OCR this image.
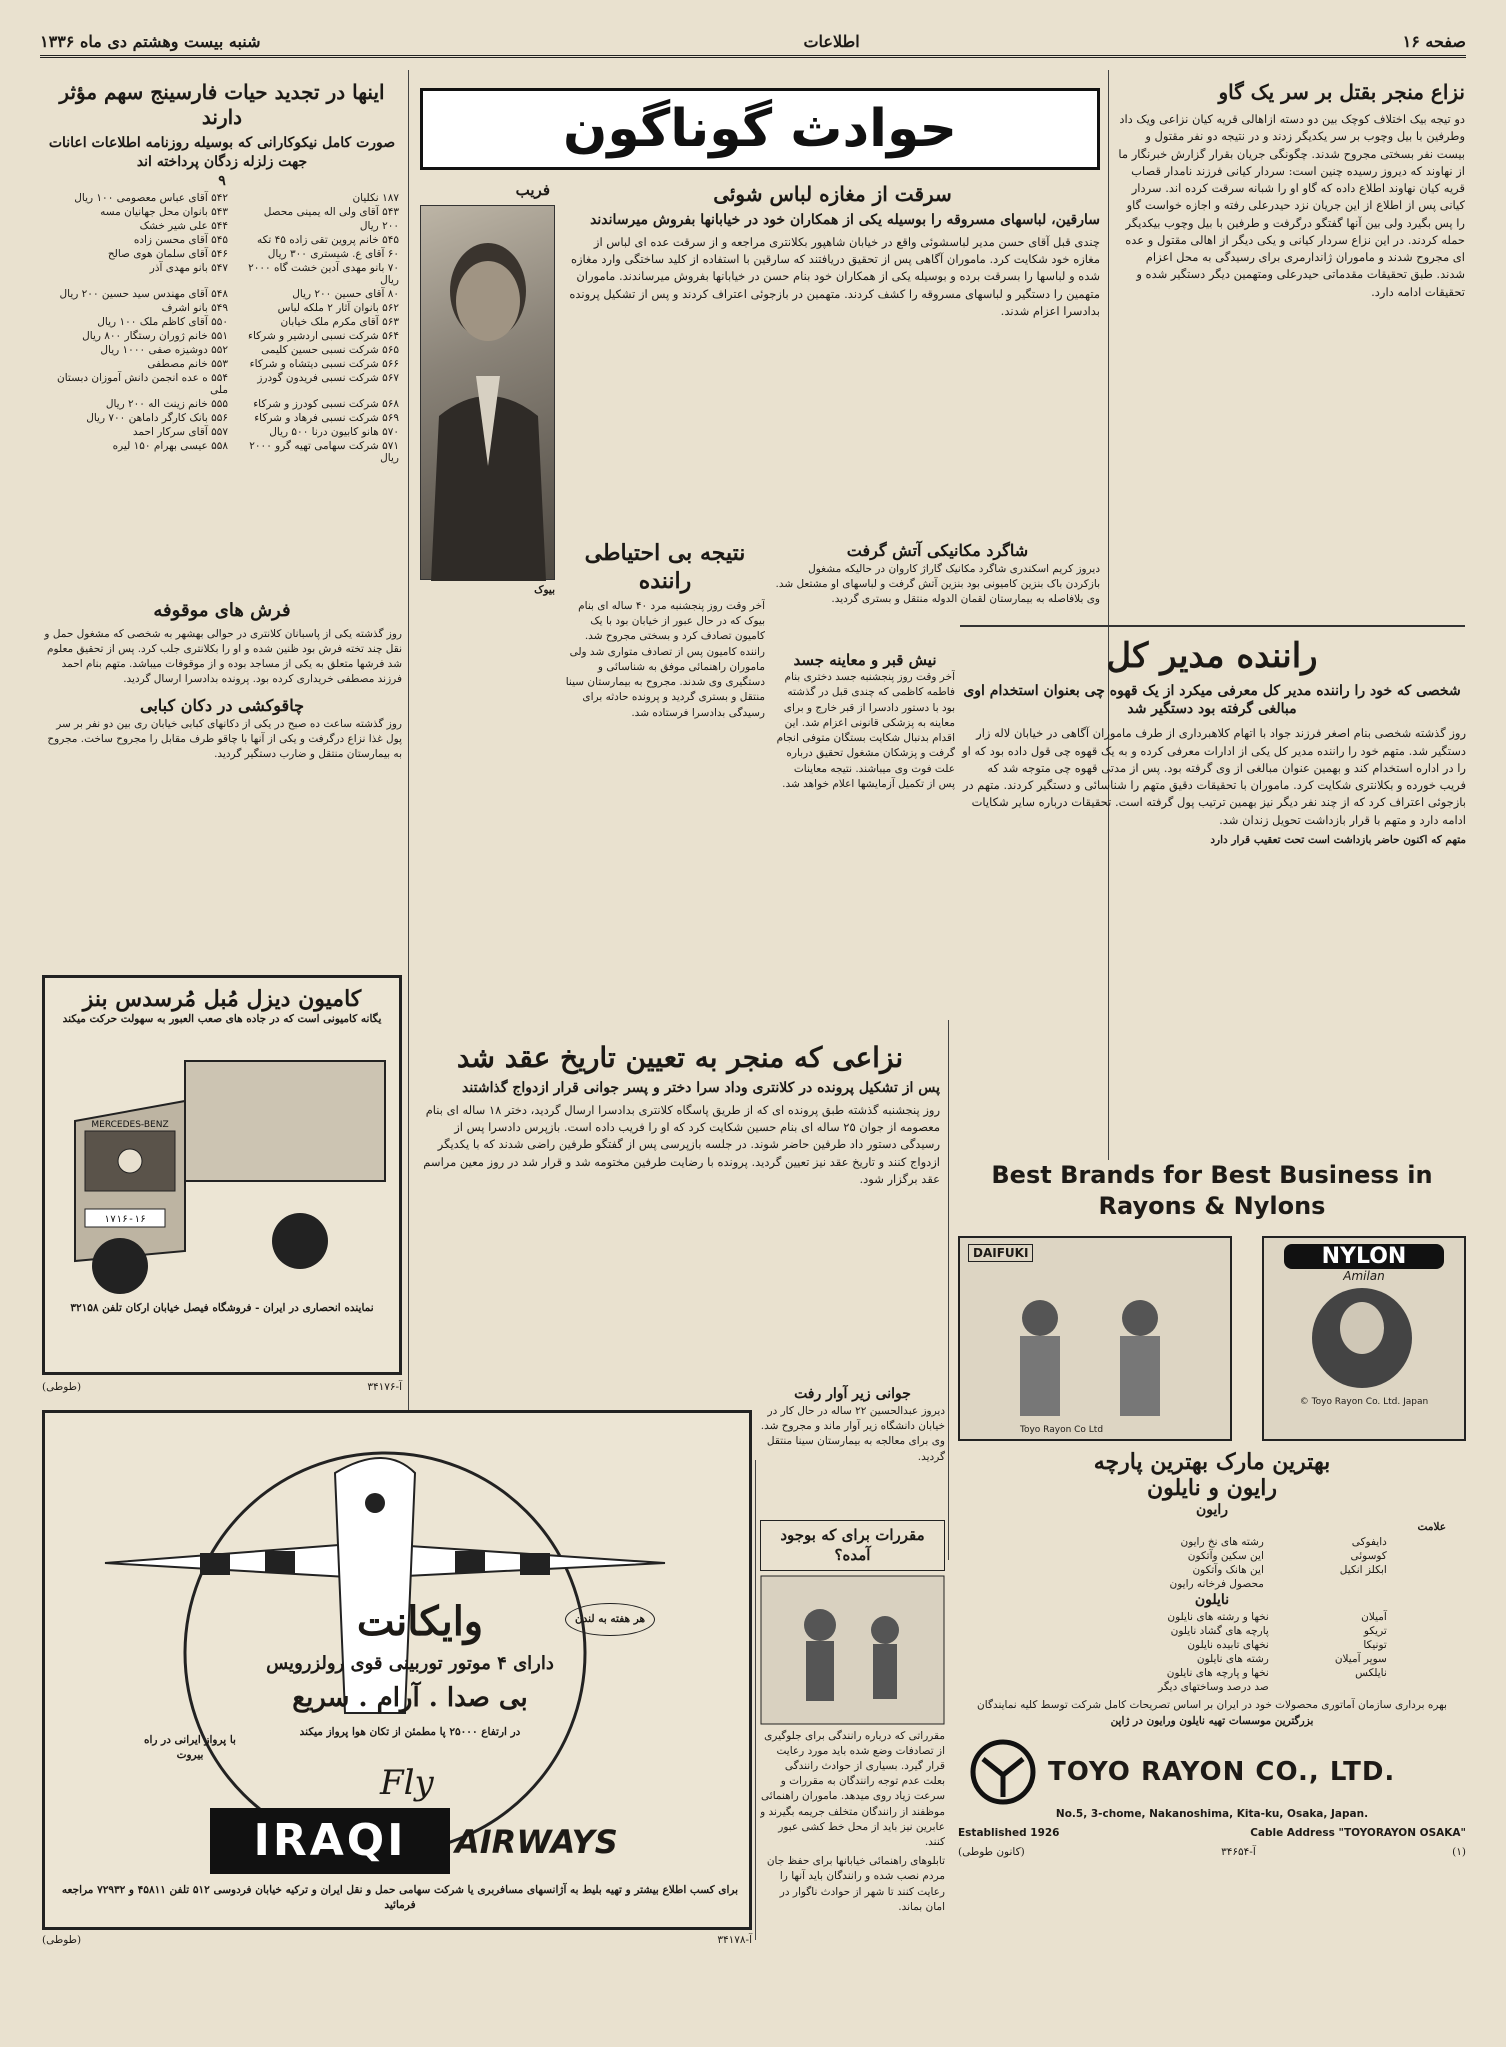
صفحه ۱۶
اطلاعات
شنبه بیست وهشتم دی ماه ۱۳۳۶
نزاع منجر بقتل بر سر یک گاو
دو تیجه بیک اختلاف کوچک بین دو دسته ازاهالی قریه کیان نزاعی ویک داد وطرفین با بیل وچوب بر سر یکدیگر زدند و در نتیجه دو نفر مقتول و بیست نفر بسختی مجروح شدند. چگونگی جریان بقرار گزارش خبرنگار ما از نهاوند که دیروز رسیده چنین است: سردار کیانی فرزند نامدار قصاب قریه کیان نهاوند اطلاع داده که گاو او را شبانه سرقت کرده اند. سردار کیانی پس از اطلاع از این جریان نزد حیدرعلی رفته و اجازه خواست گاو را پس بگیرد ولی بین آنها گفتگو درگرفت و طرفین با بیل وچوب بیکدیگر حمله کردند. در این نزاع سردار کیانی و یکی دیگر از اهالی مقتول و عده ای مجروح شدند و ماموران ژاندارمری برای رسیدگی به محل اعزام شدند. طبق تحقیقات مقدماتی حیدرعلی ومتهمین دیگر دستگیر شده و تحقیقات ادامه دارد.
حوادث گوناگون
فریب
بیوک
سرقت از مغازه لباس شوئی
سارقین، لباسهای مسروقه را بوسیله یکی از همکاران خود در خیابانها بفروش میرساندند
چندی قبل آقای حسن مدیر لباسشوئی واقع در خیابان شاهپور بکلانتری مراجعه و از سرقت عده ای لباس از مغازه خود شکایت کرد. ماموران آگاهی پس از تحقیق دریافتند که سارقین با استفاده از کلید ساختگی وارد مغازه شده و لباسها را بسرقت برده و بوسیله یکی از همکاران خود بنام حسن در خیابانها بفروش میرساندند. ماموران متهمین را دستگیر و لباسهای مسروقه را کشف کردند. متهمین در بازجوئی اعتراف کردند و پس از تشکیل پرونده بدادسرا اعزام شدند.
شاگرد مکانیکی آتش گرفت
دیروز کریم اسکندری شاگرد مکانیک گاراژ کاروان در حالیکه مشغول بازکردن باک بنزین کامیونی بود بنزین آتش گرفت و لباسهای او مشتعل شد. وی بلافاصله به بیمارستان لقمان الدوله منتقل و بستری گردید.
نتیجه بی احتیاطی راننده
آخر وقت روز پنجشنبه مرد ۴۰ ساله ای بنام بیوک که در حال عبور از خیابان بود با یک کامیون تصادف کرد و بسختی مجروح شد. راننده کامیون پس از تصادف متواری شد ولی ماموران راهنمائی موفق به شناسائی و دستگیری وی شدند. مجروح به بیمارستان سینا منتقل و بستری گردید و پرونده حادثه برای رسیدگی بدادسرا فرستاده شد.
نیش قبر و معاینه جسد
آخر وقت روز پنجشنبه جسد دختری بنام فاطمه کاظمی که چندی قبل در گذشته بود با دستور دادسرا از قبر خارج و برای معاینه به پزشکی قانونی اعزام شد. این اقدام بدنبال شکایت بستگان متوفی انجام گرفت و پزشکان مشغول تحقیق درباره علت فوت وی میباشند. نتیجه معاینات پس از تکمیل آزمایشها اعلام خواهد شد.
اینها در تجدید حیات فارسینج سهم مؤثر دارند
صورت کامل نیکوکارانی که بوسیله روزنامه اطلاعات اعانات جهت زلزله زدگان پرداخته اند
۹
۱۸۷ نکلیان	۵۴۲ آقای عباس معصومی ۱۰۰ ریال
۵۴۳ آقای ولی اله یمینی محصل	۵۴۳ بانوان محل جهانیان مسه
۲۰۰ ریال	۵۴۴ علی شیر خشک
۵۴۵ خانم پروین تقی زاده ۴۵ تکه	۵۴۵ آقای محسن زاده
۶۰ آقای ع. شیستری ۳۰۰ ریال	۵۴۶ آقای سلمان هوی صالح
۷۰ بانو مهدی آدین خشت گاه ۲۰۰۰ ریال	۵۴۷ بانو مهدی آذر
۸۰ آقای حسین ۲۰۰ ریال	۵۴۸ آقای مهندس سید حسین ۲۰۰ ریال
۵۶۲ بانوان آثار ۲ ملکه لباس	۵۴۹ بانو اشرف
۵۶۳ آقای مکرم ملک خیابان	۵۵۰ آقای کاظم ملک ۱۰۰ ریال
۵۶۴ شرکت نسبی اردشیر و شرکاء	۵۵۱ خانم ژوران رستگار ۸۰۰ ریال
۵۶۵ شرکت نسبی حسین کلیمی	۵۵۲ دوشیزه صفی ۱۰۰۰ ریال
۵۶۶ شرکت نسبی دیتشاه و شرکاء	۵۵۳ خانم مصطفی
۵۶۷ شرکت نسبی فریدون گودرز	۵۵۴ ه عده انجمن دانش آموزان دبستان ملی
۵۶۸ شرکت نسبی کودرز و شرکاء	۵۵۵ خانم زینت اله ۲۰۰ ریال
۵۶۹ شرکت نسبی فرهاد و شرکاء	۵۵۶ بانک کارگر داماهن ۷۰۰ ریال
۵۷۰ هانو کابیون درنا ۵۰۰ ریال	۵۵۷ آقای سرکار احمد
۵۷۱ شرکت سهامی تهیه گرو ۲۰۰۰ ریال	۵۵۸ عیسی بهرام ۱۵۰ لیره
فرش های موقوفه
روز گذشته یکی از پاسبانان کلانتری در حوالی بهشهر به شخصی که مشغول حمل و نقل چند تخته فرش بود ظنین شده و او را بکلانتری جلب کرد. پس از تحقیق معلوم شد فرشها متعلق به یکی از مساجد بوده و از موقوفات میباشد. متهم بنام احمد فرزند مصطفی خریداری کرده بود. پرونده بدادسرا ارسال گردید.
چاقوکشی در دکان کبابی
روز گذشته ساعت ده صبح در یکی از دکانهای کبابی خیابان ری بین دو نفر بر سر پول غذا نزاع درگرفت و یکی از آنها با چاقو طرف مقابل را مجروح ساخت. مجروح به بیمارستان منتقل و ضارب دستگیر گردید.
راننده مدیر کل
شخصی که خود را راننده مدیر کل معرفی میکرد از یک قهوه چی بعنوان استخدام اوی مبالغی گرفته بود دستگیر شد
روز گذشته شخصی بنام اصغر فرزند جواد با اتهام کلاهبرداری از طرف ماموران آگاهی در خیابان لاله زار دستگیر شد. متهم خود را راننده مدیر کل یکی از ادارات معرفی کرده و به یک قهوه چی قول داده بود که او را در اداره استخدام کند و بهمین عنوان مبالغی از وی گرفته بود. پس از مدتی قهوه چی متوجه شد که فریب خورده و بکلانتری شکایت کرد. ماموران با تحقیقات دقیق متهم را شناسائی و دستگیر کردند. متهم در بازجوئی اعتراف کرد که از چند نفر دیگر نیز بهمین ترتیب پول گرفته است. تحقیقات درباره سایر شکایات ادامه دارد و متهم با قرار بازداشت تحویل زندان شد.
متهم که اکنون حاضر بازداشت است تحت تعقیب قرار دارد
کامیون دیزل مُبل مُرسدس بنز
یگانه کامیونی است که در جاده های صعب العبور به سهولت حرکت میکند
۱۷۱۶-۱۶
MERCEDES-BENZ
نماینده انحصاری در ایران - فروشگاه فیصل خیابان ارکان تلفن ۳۲۱۵۸
آ-۳۴۱۷۶
(طوطی)
نزاعی که منجر به تعیین تاریخ عقد شد
پس از تشکیل پرونده در کلانتری وداد سرا دختر و پسر جوانی قرار ازدواج گذاشتند
روز پنجشنبه گذشته طبق پرونده ای که از طریق پاسگاه کلانتری بدادسرا ارسال گردید، دختر ۱۸ ساله ای بنام معصومه از جوان ۲۵ ساله ای بنام حسین شکایت کرد که او را فریب داده است. بازپرس دادسرا پس از رسیدگی دستور داد طرفین حاضر شوند. در جلسه بازپرسی پس از گفتگو طرفین راضی شدند که با یکدیگر ازدواج کنند و تاریخ عقد نیز تعیین گردید. پرونده با رضایت طرفین مختومه شد و قرار شد در روز معین مراسم عقد برگزار شود.
جوانی زیر آوار رفت
دیروز عبدالحسین ۲۲ ساله در حال کار در خیابان دانشگاه زیر آوار ماند و مجروح شد. وی برای معالجه به بیمارستان سینا منتقل گردید.
وایکانت
دارای ۴ موتور توربینی قوی رولزرویس
بی صدا . آرام . سریع
در ارتفاع ۲۵۰۰۰ پا مطمئن از تکان هوا پرواز میکند
هر هفته به لندن
با پرواز ایرانی در راه بیروت
Fly
IRAQI	AIRWAYS
برای کسب اطلاع بیشتر و تهیه بلیط به آژانسهای مسافربری یا شرکت سهامی حمل و نقل ایران و ترکیه خیابان فردوسی ۵۱۲ تلفن ۴۵۸۱۱ و ۷۲۹۳۲ مراجعه فرمائید
آ-۳۴۱۷۸
(طوطی)
مقررات برای که بوجود آمده؟
مقرراتی که درباره رانندگی برای جلوگیری از تصادفات وضع شده باید مورد رعایت قرار گیرد. بسیاری از حوادث رانندگی بعلت عدم توجه رانندگان به مقررات و سرعت زیاد روی میدهد. ماموران راهنمائی موظفند از رانندگان متخلف جریمه بگیرند و عابرین نیز باید از محل خط کشی عبور کنند.
تابلوهای راهنمائی خیابانها برای حفظ جان مردم نصب شده و رانندگان باید آنها را رعایت کنند تا شهر از حوادث ناگوار در امان بماند.
Best Brands for Best Business in Rayons & Nylons
DAIFUKI
Toyo Rayon Co Ltd
NYLON
Amilan
© Toyo Rayon Co. Ltd. Japan
بهترین مارک بهترین پارچه
رایون و نایلون
رایون
علامت
دایفوکی	رشته های نخ رایون
کوسوئی	این سکین وآتکون
ابکلز انکیل	این هانک وآتکون
	محصول فرخانه رایون
نایلون
آمیلان	نخها و رشته های نایلون
تریکو	پارچه های گشاد نایلون
تونیکا	نخهای تابیده نایلون
سوپر آمیلان	رشته های نایلون
نایلکس	نخها و پارچه های نایلون
	صد درصد وساختهای دیگر
بهره برداری سازمان آماتوری محصولات خود در ایران بر اساس تصریحات کامل شرکت توسط کلیه نمایندگان
بزرگترین موسسات تهیه نایلون ورایون در ژاپن
TOYO RAYON CO., LTD.
No.5, 3-chome, Nakanoshima, Kita-ku, Osaka, Japan.
Established 1926	Cable Address "TOYORAYON OSAKA"
(۱)
آ-۳۴۶۵۴
(کانون طوطی)
